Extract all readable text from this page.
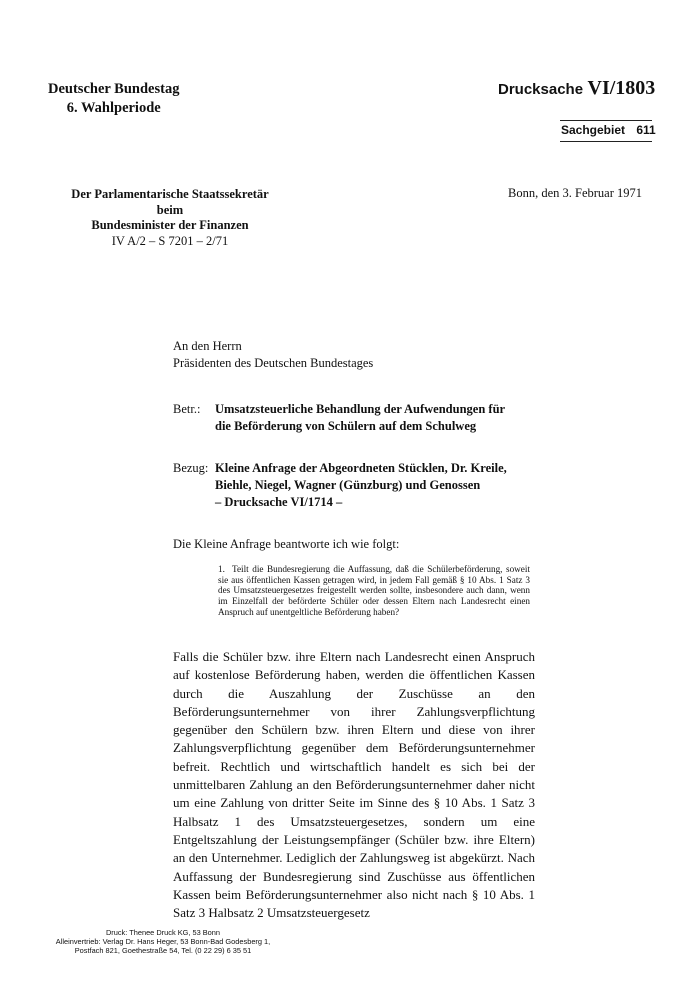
Deutscher Bundestag
6. Wahlperiode
Drucksache VI/1803
Sachgebiet 611
Der Parlamentarische Staatssekretär
beim
Bundesminister der Finanzen
IV A/2 – S 7201 – 2/71
Bonn, den 3. Februar 1971
An den Herrn
Präsidenten des Deutschen Bundestages
Betr.:	Umsatzsteuerliche Behandlung der Aufwendungen für
die Beförderung von Schülern auf dem Schulweg
Bezug: Kleine Anfrage der Abgeordneten Stücklen, Dr. Kreile,
Biehle, Niegel, Wagner (Günzburg) und Genossen
– Drucksache VI/1714 –
Die Kleine Anfrage beantworte ich wie folgt:
1. Teilt die Bundesregierung die Auffassung, daß die Schülerbeförderung, soweit sie aus öffentlichen Kassen getragen wird, in jedem Fall gemäß § 10 Abs. 1 Satz 3 des Umsatzsteuergesetzes freigestellt werden sollte, insbesondere auch dann, wenn im Einzelfall der beförderte Schüler oder dessen Eltern nach Landesrecht einen Anspruch auf unentgeltliche Beförderung haben?
Falls die Schüler bzw. ihre Eltern nach Landesrecht einen Anspruch auf kostenlose Beförderung haben, werden die öffentlichen Kassen durch die Auszahlung der Zuschüsse an den Beförderungsunternehmer von ihrer Zahlungsverpflichtung gegenüber den Schülern bzw. ihren Eltern und diese von ihrer Zahlungsverpflichtung gegenüber dem Beförderungsunternehmer befreit. Rechtlich und wirtschaftlich handelt es sich bei der unmittelbaren Zahlung an den Beförderungsunternehmer daher nicht um eine Zahlung von dritter Seite im Sinne des § 10 Abs. 1 Satz 3 Halbsatz 1 des Umsatzsteuergesetzes, sondern um eine Entgeltszahlung der Leistungsempfänger (Schüler bzw. ihre Eltern) an den Unternehmer. Lediglich der Zahlungsweg ist abgekürzt. Nach Auffassung der Bundesregierung sind Zuschüsse aus öffentlichen Kassen beim Beförderungsunternehmer also nicht nach § 10 Abs. 1 Satz 3 Halbsatz 2 Umsatzsteuergesetz
Druck: Thenee Druck KG, 53 Bonn
Alleinvertrieb: Verlag Dr. Hans Heger, 53 Bonn-Bad Godesberg 1,
Postfach 821, Goethestraße 54, Tel. (0 22 29) 6 35 51
